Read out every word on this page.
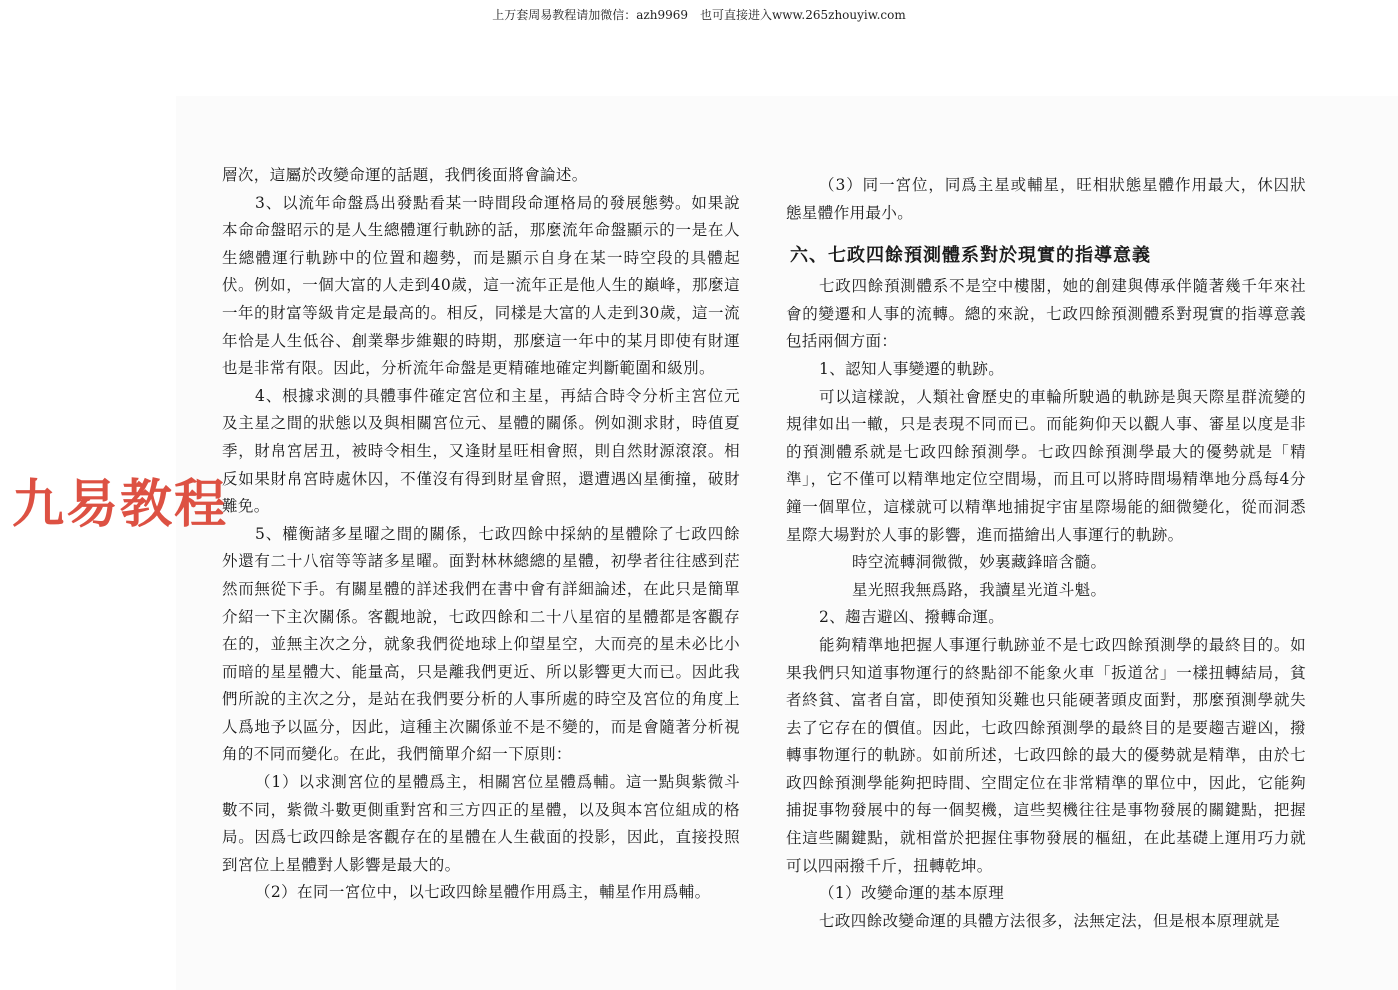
上万套周易教程请加微信：azh9969　也可直接进入www.265zhouyiw.com

層次，這屬於改變命運的話題，我們後面將會論述。

3、以流年命盤爲出發點看某一時間段命運格局的發展態勢。如果說本命命盤昭示的是人生總體運行軌跡的話，那麼流年命盤顯示的一是在人生總體運行軌跡中的位置和趨勢，而是顯示自身在某一時空段的具體起伏。例如，一個大富的人走到40歲，這一流年正是他人生的巔峰，那麼這一年的財富等級肯定是最高的。相反，同樣是大富的人走到30歲，這一流年恰是人生低谷、創業舉步維艱的時期，那麼這一年中的某月即使有財運也是非常有限。因此，分析流年命盤是更精確地確定判斷範圍和級別。

4、根據求測的具體事件確定宮位和主星，再結合時令分析主宮位元及主星之間的狀態以及與相關宮位元、星體的關係。例如測求財，時值夏季，財帛宮居丑，被時令相生，又逢財星旺相會照，則自然財源滾滾。相反如果財帛宮時處休囚，不僅沒有得到財星會照，還遭遇凶星衝撞，破財難免。

5、權衡諸多星曜之間的關係，七政四餘中採納的星體除了七政四餘外還有二十八宿等等諸多星曜。面對林林總總的星體，初學者往往感到茫然而無從下手。有關星體的詳述我們在書中會有詳細論述，在此只是簡單介紹一下主次關係。客觀地說，七政四餘和二十八星宿的星體都是客觀存在的，並無主次之分，就象我們從地球上仰望星空，大而亮的星未必比小而暗的星星體大、能量高，只是離我們更近、所以影響更大而已。因此我們所說的主次之分，是站在我們要分析的人事所處的時空及宮位的角度上人爲地予以區分，因此，這種主次關係並不是不變的，而是會隨著分析視角的不同而變化。在此，我們簡單介紹一下原則：

（1）以求測宮位的星體爲主，相關宮位星體爲輔。這一點與紫微斗數不同，紫微斗數更側重對宮和三方四正的星體，以及與本宮位組成的格局。因爲七政四餘是客觀存在的星體在人生截面的投影，因此，直接投照到宮位上星體對人影響是最大的。

（2）在同一宮位中，以七政四餘星體作用爲主，輔星作用爲輔。

（3）同一宮位，同爲主星或輔星，旺相狀態星體作用最大，休囚狀態星體作用最小。

六、七政四餘預測體系對於現實的指導意義

七政四餘預測體系不是空中樓閣，她的創建與傳承伴隨著幾千年來社會的變遷和人事的流轉。總的來說，七政四餘預測體系對現實的指導意義包括兩個方面：

1、認知人事變遷的軌跡。

可以這樣說，人類社會歷史的車輪所駛過的軌跡是與天際星群流變的規律如出一轍，只是表現不同而已。而能夠仰天以觀人事、審星以度是非的預測體系就是七政四餘預測學。七政四餘預測學最大的優勢就是「精準」，它不僅可以精準地定位空間場，而且可以將時間場精準地分爲每4分鐘一個單位，這樣就可以精準地捕捉宇宙星際場能的細微變化，從而洞悉星際大場對於人事的影響，進而描繪出人事運行的軌跡。

時空流轉洞微微，妙裏藏鋒暗含髓。

星光照我無爲路，我讀星光道斗魁。

2、趨吉避凶、撥轉命運。

能夠精準地把握人事運行軌跡並不是七政四餘預測學的最終目的。如果我們只知道事物運行的終點卻不能象火車「扳道岔」一樣扭轉結局，貧者終貧、富者自富，即使預知災難也只能硬著頭皮面對，那麼預測學就失去了它存在的價值。因此，七政四餘預測學的最終目的是要趨吉避凶，撥轉事物運行的軌跡。如前所述，七政四餘的最大的優勢就是精準，由於七政四餘預測學能夠把時間、空間定位在非常精準的單位中，因此，它能夠捕捉事物發展中的每一個契機，這些契機往往是事物發展的關鍵點，把握住這些關鍵點，就相當於把握住事物發展的樞紐，在此基礎上運用巧力就可以四兩撥千斤，扭轉乾坤。

（1）改變命運的基本原理

七政四餘改變命運的具體方法很多，法無定法，但是根本原理就是

九易教程
